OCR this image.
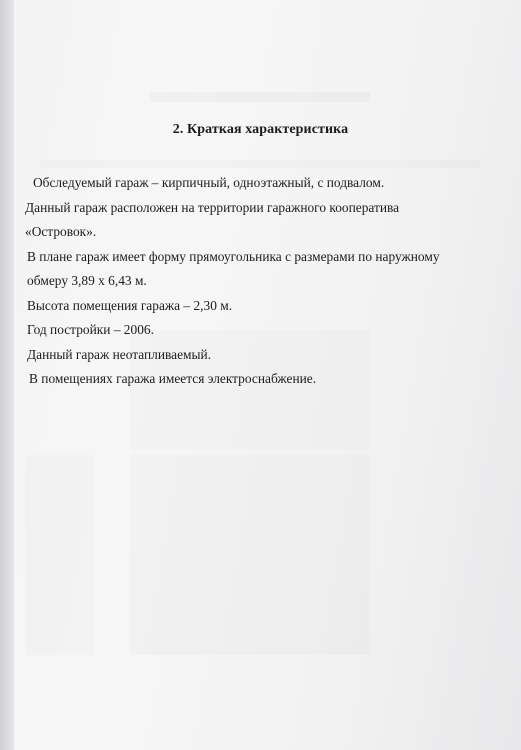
2. Краткая характеристика
Обследуемый гараж – кирпичный, одноэтажный, с подвалом.
Данный гараж расположен на территории гаражного кооператива
«Островок».
В плане гараж имеет форму прямоугольника с размерами по наружному
обмеру 3,89 х 6,43 м.
Высота помещения гаража – 2,30 м.
Год постройки – 2006.
Данный гараж неотапливаемый.
В помещениях гаража имеется электроснабжение.
